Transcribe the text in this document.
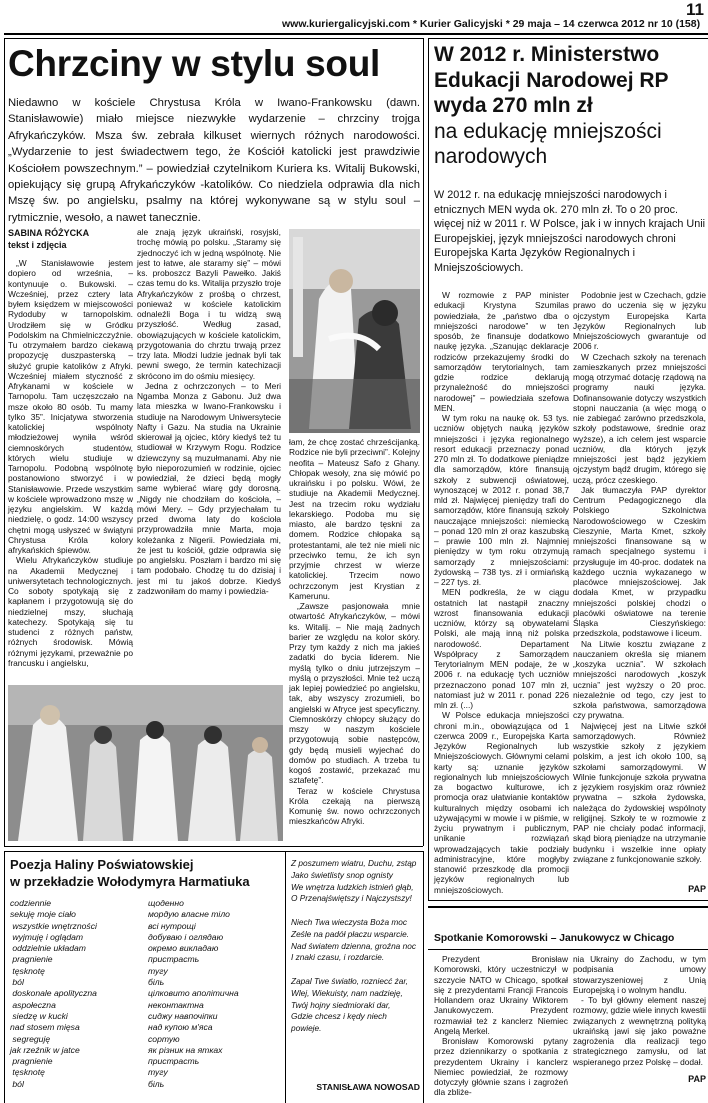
www.kuriergalicyjski.com * Kurier Galicyjski * 29 maja – 14 czerwca 2012 nr 10 (158)
11
Chrzciny w stylu soul
Niedawno w kościele Chrystusa Króla w Iwano-Frankowsku (dawn. Stanisławowie) miało miejsce niezwykłe wydarzenie – chrzciny trojga Afrykańczyków. Msza św. zebrała kilkuset wiernych różnych narodowości. „Wydarzenie to jest świadectwem tego, że Kościół katolicki jest prawdziwie Kościołem powszechnym.” – powiedział czytelnikom Kuriera ks. Witalij Bukowski, opiekujący się grupą Afrykańczyków -katolików. Co niedziela odprawia dla nich Mszę św. po angielsku, psalmy na której wykonywane są w stylu soul – rytmicznie, wesoło, a nawet tanecznie.
SABINA RÓŻYCKA
tekst i zdjęcia

„W Stanisławowie jestem dopiero od września, – kontynuuje o. Bukowski. – Wcześniej, przez cztery lata byłem księdzem w miejscowości Rydoduby w tarnopolskim. Urodziłem się w Gródku Podolskim na Chmielniczczyźnie. Tu otrzymałem bardzo ciekawą propozycję duszpasterską – służyć grupie katolików z Afryki. Wcześniej miałem styczność z Afrykanami w kościele w Tarnopolu. Tam uczęszczało na msze około 80 osób. Tu mamy tylko 35”. Inicjatywa stworzenia katolickiej wspólnoty młodzieżowej wyniła wśród ciemnoskórych studentów, których wielu studiuje w Tarnopolu. Podobną wspólnotę postanowiono stworzyć i w Stanisławowie. Przede wszystkim w kościele wprowadzono mszę w języku angielskim. W każdą niedzielę, o godz. 14:00 wszyscy chętni mogą usłyszeć w świątyni Chrystusa Króla kolory afrykańskich śpiewów.

Wielu Afrykańczyków studiuje na Akademii Medycznej i uniwersytetach technologicznych. Co soboty spotykają się z kapłanem i przygotowują się do niedzielnej mszy, słuchają katechezy. Spotykają się tu studenci z różnych państw, różnych środowisk. Mówią różnymi językami, przeważnie po francusku i angielsku,

ale znają język ukraiński, rosyjski, trochę mówią po polsku. „Staramy się zjednoczyć ich w jedną wspólnotę. Nie jest to łatwe, ale staramy się” – mówi ks. proboszcz Bazyli Pawełko. Jakiś czas temu do ks. Witalija przyszło troje Afrykańczyków z prośbą o chrzest, ponieważ w kościele katolickim odnaleźli Boga i tu widzą swą przyszłość. Według zasad, obowiązujących w kościele katolickim, przygotowania do chrztu trwają przez trzy lata. Młodzi ludzie jednak byli tak pewni swego, że termin katechizacji skrócono im do ośmiu miesięcy.

Jedna z ochrzczonych – to Meri Ngamba Monza z Gabonu. Już dwa lata mieszka w Iwano-Frankowsku i studiuje na Narodowym Uniwersytecie Nafty i Gazu. Na studia na Ukrainie skierował ją ojciec, który kiedyś też tu studiował w Krzywym Rogu. Rodzice dziewczyny są muzułmanami. Aby nie było nieporozumień w rodzinie, ojciec powiedział, że dzieci będą mogły same wybierać wiarę gdy dorosną. „Nigdy nie chodziłam do kościoła, – mówi Mery. – Gdy przyjechałam tu przed dwoma laty do kościoła przyprowadziła mnie Marta, moja koleżanka z Nigerii. Powiedziała mi, że jest tu kościół, gdzie odprawia się po angielsku. Poszłam i bardzo mi się tam podobało. Chodzę tu do dzisiaj i jest mi tu jakoś dobrze. Kiedyś zadzwoniłam do mamy i powiedzia-

łam, że chcę zostać chrześcijanką. Rodzice nie byli przeciwni”. Kolejny neofita – Mateusz Safo z Ghany. Chłopak wesoły, zna się mówić po ukraińsku i po polsku. Wówi, że studiuje na Akademii Medycznej. Jest na trzecim roku wydziału lekarskiego. Podoba mu się miasto, ale bardzo tęskni za domem. Rodzice chłopaka są protestantami, ale też nie mieli nic przeciwko temu, że ich syn przyjmie chrzest w wierze katolickiej. Trzecim nowo ochrzczonym jest Krystian z Kamerunu.

„Zawsze pasjonowała mnie otwartość Afrykańczyków, – mówi ks. Witalij. – Nie mają żadnych barier ze względu na kolor skóry. Przy tym każdy z nich ma jakieś zadatki do bycia liderem. Nie myślą tylko o dniu jutrzejszym – myślą o przyszłości. Mnie też uczą jak lepiej powiedzieć po angielsku, tak, aby wszyscy zrozumieli, bo angielski w Afryce jest specyficzny. Ciemnoskórzy chłopcy służący do mszy w naszym kościele przygotowują sobie następców, gdy będą musieli wyjechać do domów po studiach. A trzeba tu kogoś zostawić, przekazać mu sztafetę”.

Teraz w kościele Chrystusa Króla czekają na pierwszą Komunię św. nowo ochrzczonych mieszkańców Afryki.

W 2012 r. Ministerstwo Edukacji Narodowej RP wyda 270 mln zł
na edukację mniejszości narodowych
W 2012 r. na edukację mniejszości narodowych i etnicznych MEN wyda ok. 270 mln zł. To o 20 proc. więcej niż w 2011 r. W Polsce, jak i w innych krajach Unii Europejskiej, język mniejszości narodowych chroni Europejska Karta Języków Regionalnych i Mniejszościowych.

W rozmowie z PAP minister edukacji Krystyna Szumilas powiedziała, że „państwo dba o mniejszości narodowe” w ten sposób, że finansuje dodatkowo naukę języka. „Szanując deklaracje rodziców przekazujemy środki do samorządów terytorialnych, tam gdzie rodzice deklarują przynależność do mniejszości narodowej” – powiedziała szefowa MEN.

W tym roku na naukę ok. 53 tys. uczniów objętych nauką języków mniejszości i języka regionalnego resort edukacji przeznaczy ponad 270 mln zł. To dodatkowe pieniądze dla samorządów, które finansują szkoły z subwencji oświatowej, wynoszącej w 2012 r. ponad 38,7 mld zł. Najwięcej pieniędzy trafi do samorządów, które finansują szkoły nauczające mniejszości: niemiecką – ponad 120 mln zł oraz kaszubską – prawie 100 mln zł. Najmniej pieniędzy w tym roku otrzymują samorządy z mniejszościami: żydowską – 738 tys. zł i ormiańską – 227 tys. zł.

MEN podkreśla, że w ciągu ostatnich lat nastąpił znaczny wzrost finansowania edukacji uczniów, którzy są obywatelami Polski, ale mają inną niż polska narodowość. Departament Współpracy z Samorządem Terytorialnym MEN podaje, że w 2006 r. na edukację tych uczniów przeznaczono ponad 107 mln zł, natomiast już w 2011 r. ponad 226 mln zł. (...)

W Polsce edukacja mniejszości chroni m.in., obowiązująca od 1 czerwca 2009 r., Europejska Karta Języków Regionalnych lub Mniejszościowych. Głównymi celami karty są: uznanie języków regionalnych lub mniejszościowych za bogactwo kulturowe, ich promocja oraz ułatwianie kontaktów kulturalnych między osobami ich używającymi w mowie i w piśmie, w życiu prywatnym i publicznym, unikanie rozwiązań wprowadzających takie podziały administracyjne, które mogłyby stanowić przeszkodę dla promocji języków regionalnych lub mniejszościowych.

Podobnie jest w Czechach, gdzie prawo do uczenia się w języku ojczystym Europejska Karta Języków Regionalnych lub Mniejszościowych gwarantuje od 2006 r.

W Czechach szkoły na terenach zamieszkanych przez mniejszości mogą otrzymać dotację rządową na programy nauki języka. Dofinansowanie dotyczy wszystkich stopni nauczania (a więc mogą o nie zabiegać zarówno przedszkola, szkoły podstawowe, średnie oraz wyższe), a ich celem jest wsparcie uczniów, dla których język mniejszości jest bądź językiem ojczystym bądź drugim, którego się uczą, prócz czeskiego.

Jak tłumaczyła PAP dyrektor Centrum Pedagogicznego dla Polskiego Szkolnictwa Narodowościowego w Czeskim Cieszynie, Marta Kmet, szkoły mniejszości finansowane są w ramach specjalnego systemu i przysługuje im 40-proc. dodatek na każdego ucznia wykazanego w placówce mniejszościowej. Jak dodała Kmet, w przypadku mniejszości polskiej chodzi o placówki oświatowe na terenie Śląska Cieszyńskiego: przedszkola, podstawowe i liceum.

Na Litwie kosztu związane z nauczaniem określa się mianem „koszyka ucznia”. W szkołach mniejszości narodowych „koszyk ucznia” jest wyższy o 20 proc. niezależnie od tego, czy jest to szkoła państwowa, samorządowa czy prywatna.

Najwięcej jest na Litwie szkół samorządowych. Również wszystkie szkoły z językiem polskim, a jest ich około 100, są szkołami samorządowymi. W Wilnie funkcjonuje szkoła prywatna z językiem rosyjskim oraz również prywatna – szkoła żydowska, należąca do żydowskiej wspólnoty religijnej. Szkoły te w rozmowie z PAP nie chciały podać informacji, skąd biorą pieniądze na utrzymanie budynku i wszelkie inne opłaty związane z funkcjonowanie szkoły.

PAP
Poezja Haliny Poświatowskiej
w przekładzie Wołodymyra Harmatiuka
codziennie
sekuję moje ciało
wszystkie wnętrzności
wyjmuję i oglądam
oddzielnie układam
pragnienie
tęsknotę
ból
doskonale apolityczna
aspołeczna
siedzę w kucki
nad stosem mięsa
segreguję
jak rzeźnik w jatce
pragnienie
tęsknotę
ból
щоденно
мордую власне тіло
всі нутрощі
добуваю і оглядаю
окремо викладаю
пристрасть
тугу
біль
цілковито аполітична
неконтактна
сиджу навпочіпки
над купою м'яса
сортую
як різник на ятках
пристрасть
тугу
біль
Z poszumem wiatru, Duchu, zstąp
Jako świetlisty snop ognisty
We wnętrza ludzkich istnień głąb,
O Przenajświętszy i Najczystszy!

Niech Twa wieczysta Boża moc
Ześle na padół płaczu wsparcie.
Nad światem dzienna, groźna noc
I znaki czasu, i rozdarcie.

Zapal Twe światło, rozniecć żar,
Wlej, Wiekuisty, nam nadzieję,
Twój hojny siedmioraki dar,
Gdzie chcesz i kędy niech
powieje.
STANISŁAWA NOWOSAD
Spotkanie Komorowski – Janukowycz w Chicago

Prezydent Bronisław Komorowski, który uczestniczył w szczycie NATO w Chicago, spotkał się z prezydentami Francji Francois Hollandem oraz Ukrainy Wiktorem Janukowyczem. Prezydent rozmawiał też z kanclerz Niemiec Angelą Merkel.

Bronisław Komorowski pytany przez dziennikarzy o spotkania z prezydentem Ukrainy i kanclerz Niemiec powiedział, że rozmowy dotyczyły głównie szans i zagrożeń dla zbliże-

nia Ukrainy do Zachodu, w tym podpisania umowy stowarzyszeniowej z Unią Europejską i o wolnym handlu.

- To był główny element naszej rozmowy, gdzie wiele innych kwestii związanych z wewnętrzną polityką ukraińską jawi się jako poważne zagrożenia dla realizacji tego strategicznego zamysłu, od lat wspieranego przez Polskę – dodał.

PAP
